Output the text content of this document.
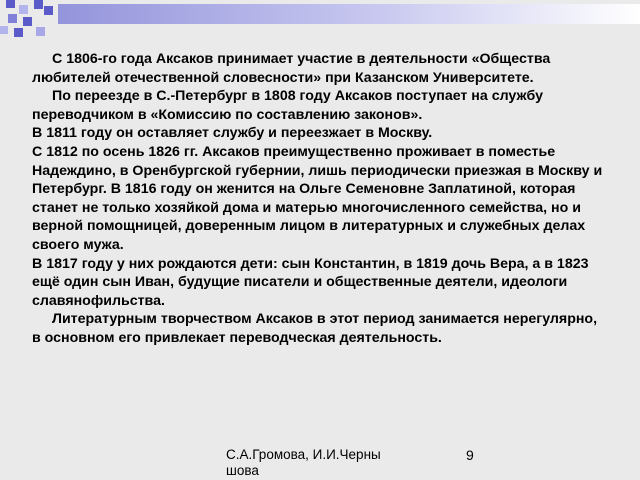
С 1806-го года Аксаков принимает участие в деятельности «Общества любителей отечественной словесности» при Казанском Университете.

По переезде в С.-Петербург в 1808 году Аксаков поступает на службу переводчиком в «Комиссию по составлению законов».

В 1811 году он оставляет службу и переезжает в Москву.

С 1812 по осень 1826 гг. Аксаков преимущественно проживает в поместье Надеждино, в Оренбургской губернии, лишь периодически приезжая в Москву и Петербург. В 1816 году он женится на Ольге Семеновне Заплатиной, которая станет не только хозяйкой дома и матерью многочисленного семейства, но и верной помощницей, доверенным лицом в литературных и служебных делах своего мужа.

В 1817 году у них рождаются дети: сын Константин, в 1819 дочь Вера, а в 1823 ещё один сын Иван, будущие писатели и общественные деятели, идеологи славянофильства.

Литературным творчеством Аксаков в этот период занимается нерегулярно, в основном его привлекает переводческая деятельность.

С.А.Громова, И.И.Черны шова
9
